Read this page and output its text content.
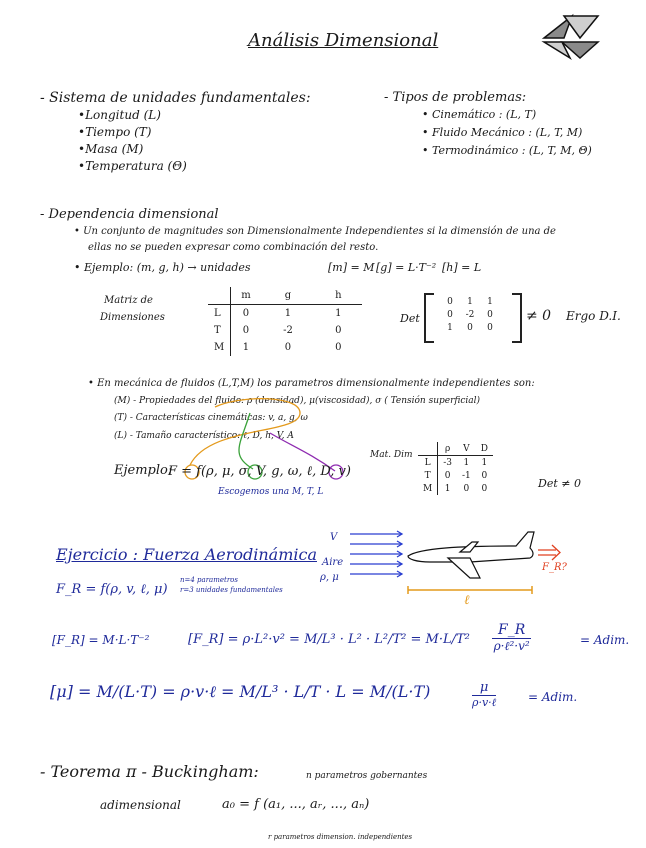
Análisis Dimensional
- Sistema de unidades fundamentales:
•Longitud (L)
•Tiempo (T)
•Masa (M)
•Temperatura (Θ)
- Tipos de problemas:
• Cinemático : (L, T)
• Fluido Mecánico : (L, T, M)
• Termodinámico : (L, T, M, Θ)
- Dependencia dimensional
• Un conjunto de magnitudes son Dimensionalmente Independientes si la dimensión de una de
ellas no se pueden expresar como combinación del resto.
• Ejemplo: (m, g, h) → unidades	[m] = M [g] = L·T⁻² [h] = L
Matriz de
Dimensiones
	m	g	h
L	0	1	1
T	0	-2	0
M	1	0	0
Det
0 1 1
0 -2 0
1 0 0
≠ 0 Ergo D.I.
• En mecánica de fluidos (L,T,M) los parametros dimensionalmente independientes son:
(M) - Propiedades del fluido: ρ (densidad), μ(viscosidad), σ ( Tensión superficial)
(T) - Características cinemáticas: v, a, g, ω
(L) - Tamaño característico: ℓ, D, h, V, A
Ejemplo:
F = f(ρ, μ, σ, V, g, ω, ℓ, D, v)
Escogemos una M, T, L
Mat. Dim
	ρ	V	D
L	-3	1	1
T	0	-1	0
M	1	0	0	Det ≠ 0
Ejercicio : Fuerza Aerodinámica
F_R = f(ρ, v, ℓ, μ)
n=4 parametros
r=3 unidades fundamentales
V
Aire
ρ, μ
F_R?
ℓ
[F_R] = M·L·T⁻²	[F_R] = ρ·L²·v² = M/L³ · L² · L²/T² = M·L/T²
F_R
ρ·ℓ²·v²	= Adim.
[μ] = M/(L·T) = ρ·v·ℓ = M/L³ · L/T · L = M/(L·T)	μ
ρ·v·ℓ	= Adim.
- Teorema π - Buckingham:	n parametros gobernantes
adimensional	a₀ = f (a₁, ..., aᵣ, ..., aₙ)
r parametros dimension. independientes
